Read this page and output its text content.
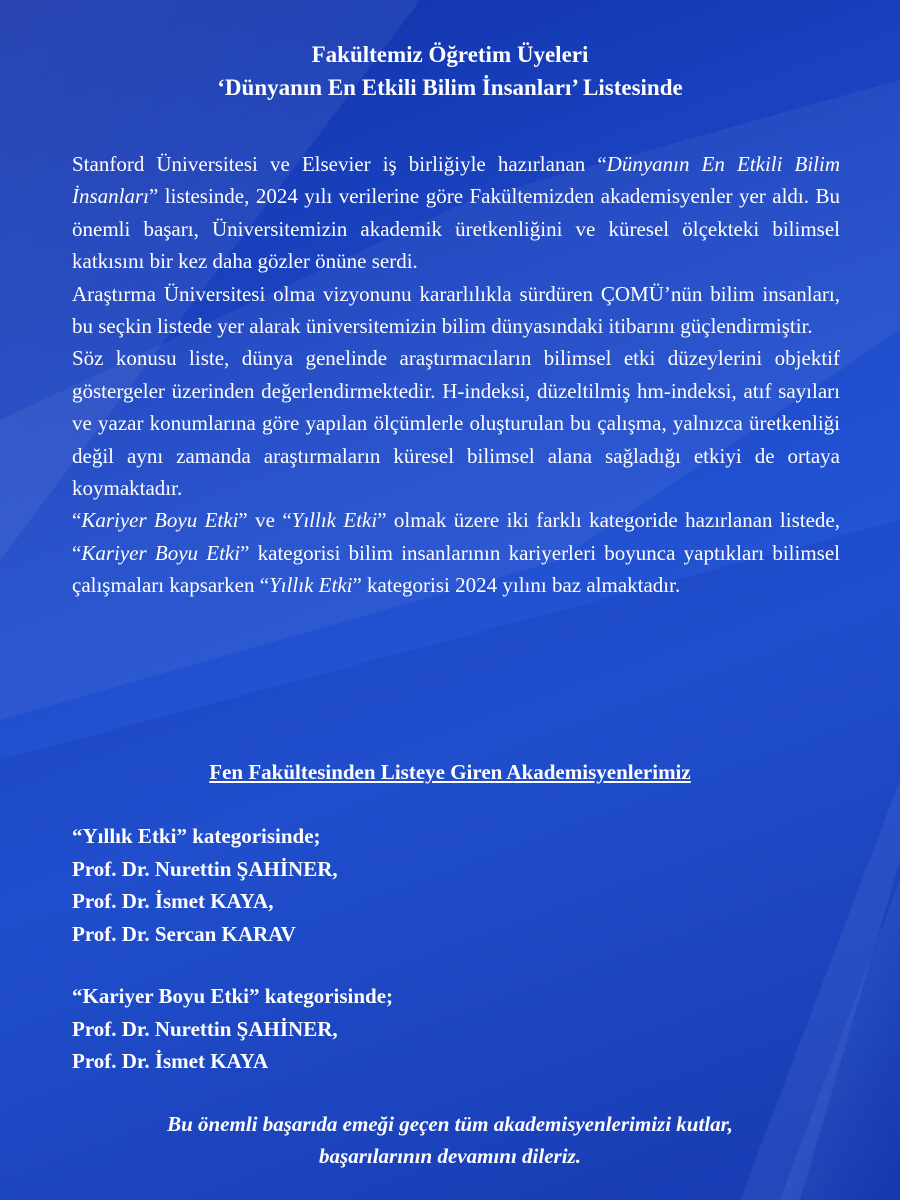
Fakültemiz Öğretim Üyeleri
‘Dünyanın En Etkili Bilim İnsanları’ Listesinde

Stanford Üniversitesi ve Elsevier iş birliğiyle hazırlanan “Dünyanın En Etkili Bilim İnsanları” listesinde, 2024 yılı verilerine göre Fakültemizden akademisyenler yer aldı. Bu önemli başarı, Üniversitemizin akademik üretkenliğini ve küresel ölçekteki bilimsel katkısını bir kez daha gözler önüne serdi.

Araştırma Üniversitesi olma vizyonunu kararlılıkla sürdüren ÇOMÜ’nün bilim insanları, bu seçkin listede yer alarak üniversitemizin bilim dünyasındaki itibarını güçlendirmiştir.

Söz konusu liste, dünya genelinde araştırmacıların bilimsel etki düzeylerini objektif göstergeler üzerinden değerlendirmektedir. H-indeksi, düzeltilmiş hm-indeksi, atıf sayıları ve yazar konumlarına göre yapılan ölçümlerle oluşturulan bu çalışma, yalnızca üretkenliği değil aynı zamanda araştırmaların küresel bilimsel alana sağladığı etkiyi de ortaya koymaktadır.

“Kariyer Boyu Etki” ve “Yıllık Etki” olmak üzere iki farklı kategoride hazırlanan listede, “Kariyer Boyu Etki” kategorisi bilim insanlarının kariyerleri boyunca yaptıkları bilimsel çalışmaları kapsarken “Yıllık Etki” kategorisi 2024 yılını baz almaktadır.

Fen Fakültesinden Listeye Giren Akademisyenlerimiz
“Yıllık Etki” kategorisinde;
Prof. Dr. Nurettin ŞAHİNER,
Prof. Dr. İsmet KAYA,
Prof. Dr. Sercan KARAV
“Kariyer Boyu Etki” kategorisinde;
Prof. Dr. Nurettin ŞAHİNER,
Prof. Dr. İsmet KAYA
Bu önemli başarıda emeği geçen tüm akademisyenlerimizi kutlar,
başarılarının devamını dileriz.
